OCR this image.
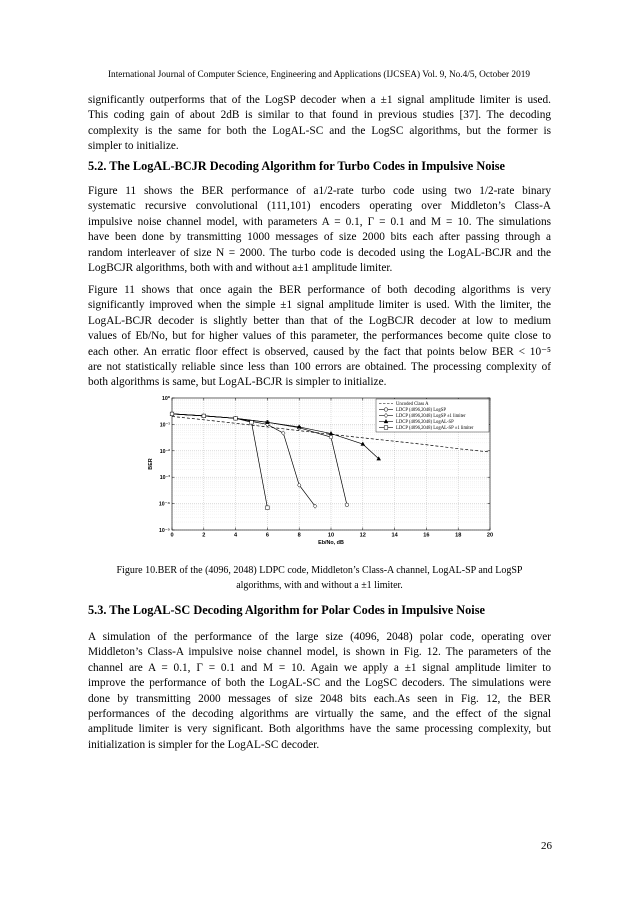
International Journal of Computer Science, Engineering and Applications (IJCSEA) Vol. 9, No.4/5, October 2019
significantly outperforms that of the LogSP decoder when a ±1 signal amplitude limiter is used.
This coding gain of about 2dB is similar to that found in previous studies [37]. The decoding
complexity is the same for both the LogAL-SC and the LogSC algorithms, but the former is
simpler to initialize.
5.2. The LogAL-BCJR Decoding Algorithm for Turbo Codes in Impulsive Noise
Figure 11 shows the BER performance of a1/2-rate turbo code using two 1/2-rate binary
systematic recursive convolutional (111,101) encoders operating over Middleton’s Class-A
impulsive noise channel model, with parameters A = 0.1, Γ = 0.1 and M = 10. The simulations
have been done by transmitting 1000 messages of size 2000 bits each after passing through a
random interleaver of size N = 2000. The turbo code is decoded using the LogAL-BCJR and the
LogBCJR algorithms, both with and without a±1 amplitude limiter.
Figure 11 shows that once again the BER performance of both decoding algorithms is very
significantly improved when the simple ±1 signal amplitude limiter is used. With the limiter, the
LogAL-BCJR decoder is slightly better than that of the LogBCJR decoder at low to medium
values of Eb/No, but for higher values of this parameter, the performances become quite close to
each other. An erratic floor effect is observed, caused by the fact that points below BER < 10⁻⁵
are not statistically reliable since less than 100 errors are obtained. The processing complexity of
both algorithms is same, but LogAL-BCJR is simpler to initialize.
0	2	4	6	8	10	12	14	16	18	20
10⁰
10⁻¹
10⁻²
10⁻³
10⁻⁴
10⁻⁵
Eb/No, dB
BER
Uncoded Class A
LDCP (4096,2048) LogSP
LDCP (4096,2048) LogSP ±1 limiter
LDCP (4096,2048) LogAL-SP
LDCP (4096,2048) LogAL-SP ±1 limiter
Figure 10.BER of the (4096, 2048) LDPC code, Middleton’s Class-A channel, LogAL-SP and LogSP
algorithms, with and without a ±1 limiter.
5.3. The LogAL-SC Decoding Algorithm for Polar Codes in Impulsive Noise
A simulation of the performance of the large size (4096, 2048) polar code, operating over
Middleton’s Class-A impulsive noise channel model, is shown in Fig. 12. The parameters of the
channel are A = 0.1, Γ = 0.1 and M = 10. Again we apply a ±1 signal amplitude limiter to
improve the performance of both the LogAL-SC and the LogSC decoders. The simulations were
done by transmitting 2000 messages of size 2048 bits each.As seen in Fig. 12, the BER
performances of the decoding algorithms are virtually the same, and the effect of the signal
amplitude limiter is very significant. Both algorithms have the same processing complexity, but
initialization is simpler for the LogAL-SC decoder.
26
